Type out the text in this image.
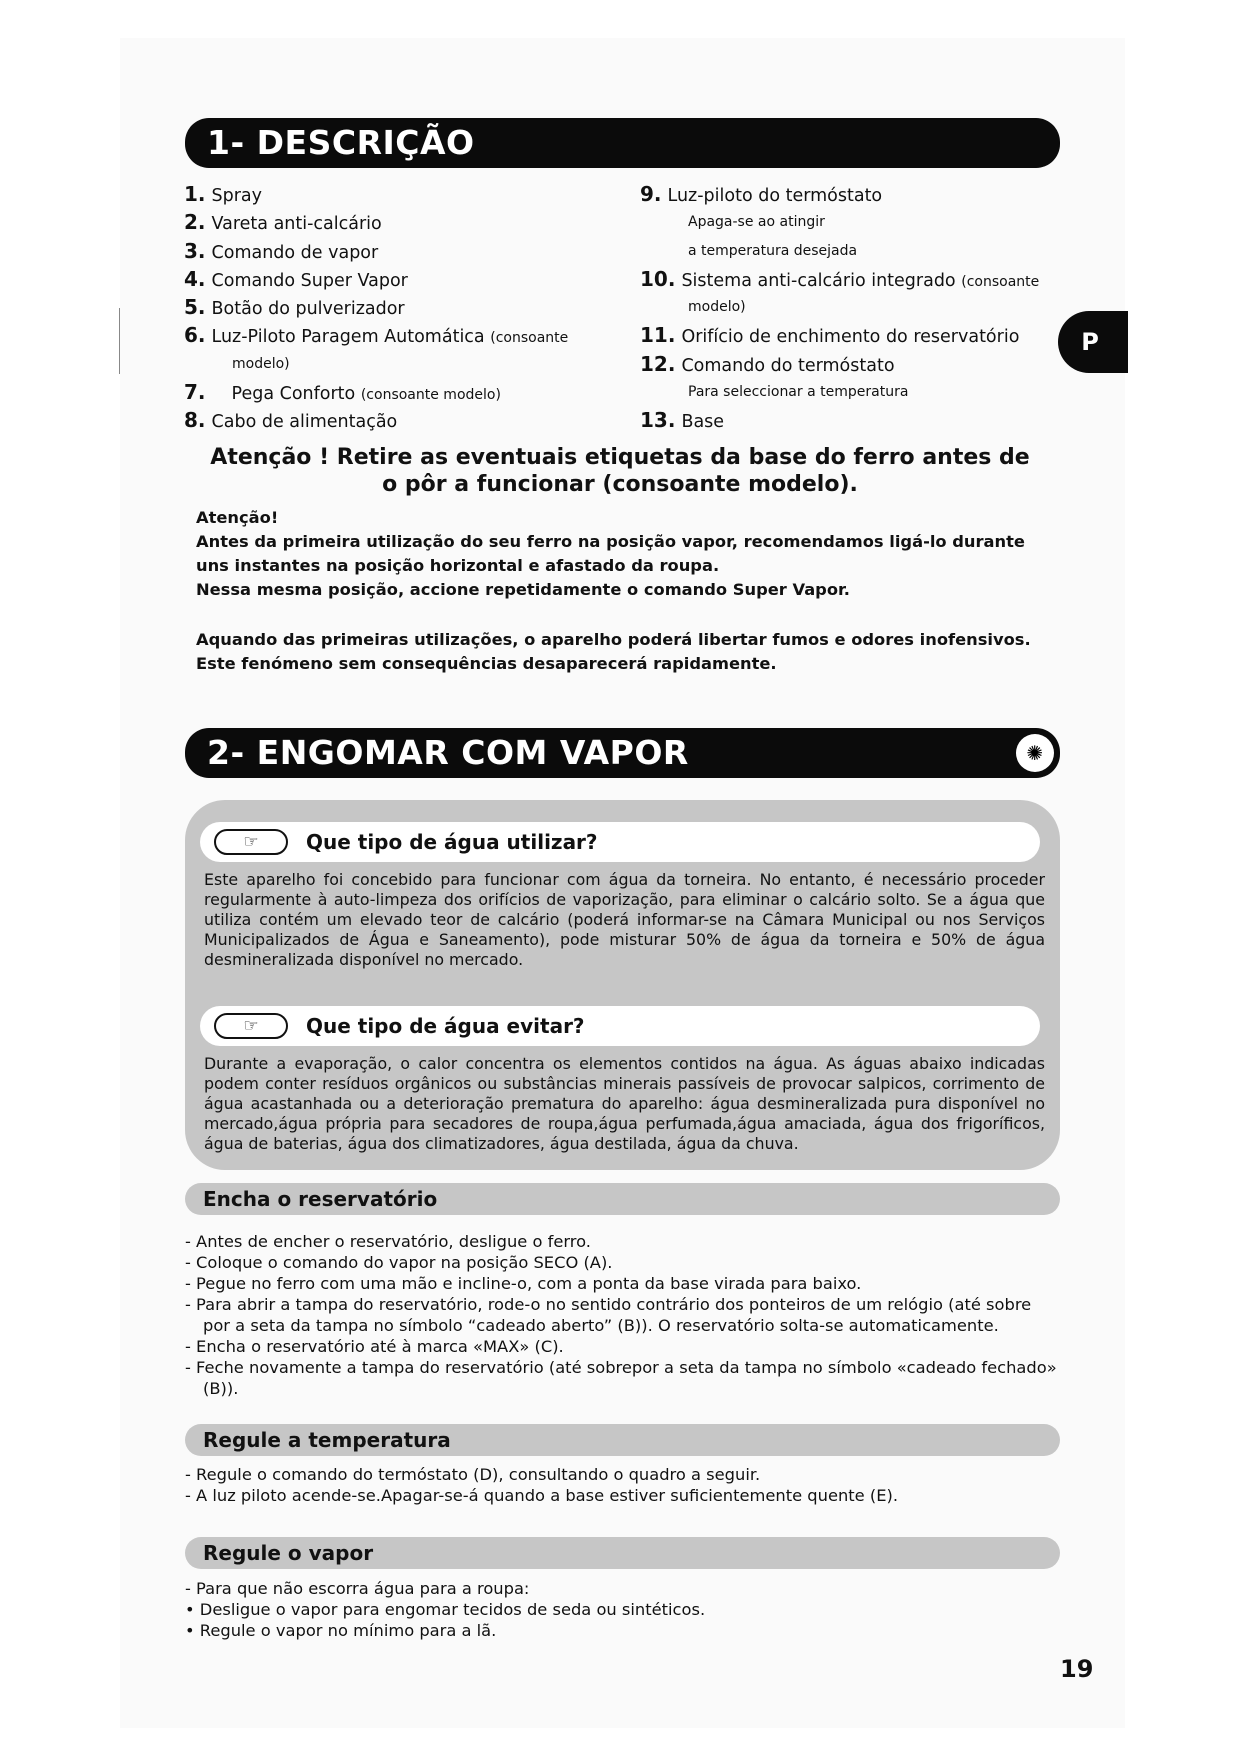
1- DESCRIÇÃO
P
1. Spray
2. Vareta anti-calcário
3. Comando de vapor
4. Comando Super Vapor
5. Botão do pulverizador
6. Luz-Piloto Paragem Automática (consoante
modelo)
7. Pega Conforto (consoante modelo)
8. Cabo de alimentação
9. Luz-piloto do termóstato
Apaga-se ao atingir
a temperatura desejada
10. Sistema anti-calcário integrado (consoante
modelo)
11. Orifício de enchimento do reservatório
12. Comando do termóstato
Para seleccionar a temperatura
13. Base
Atenção ! Retire as eventuais etiquetas da base do ferro antes de o pôr a funcionar (consoante modelo).

Atenção!

Antes da primeira utilização do seu ferro na posição vapor, recomendamos ligá-lo durante uns instantes na posição horizontal e afastado da roupa.

Nessa mesma posição, accione repetidamente o comando Super Vapor.

Aquando das primeiras utilizações, o aparelho poderá libertar fumos e odores inofensivos. Este fenómeno sem consequências desaparecerá rapidamente.

2- ENGOMAR COM VAPOR	✺
☞	Que tipo de água utilizar?
Este aparelho foi concebido para funcionar com água da torneira. No entanto, é necessário proceder regularmente à auto-limpeza dos orifícios de vaporização, para eliminar o calcário solto. Se a água que utiliza contém um elevado teor de calcário (poderá informar-se na Câmara Municipal ou nos Serviços Municipalizados de Água e Saneamento), pode misturar 50% de água da torneira e 50% de água desmineralizada disponível no mercado.
☞	Que tipo de água evitar?
Durante a evaporação, o calor concentra os elementos contidos na água. As águas abaixo indicadas podem conter resíduos orgânicos ou substâncias minerais passíveis de provocar salpicos, corrimento de água acastanhada ou a deterioração prematura do aparelho: água desmineralizada pura disponível no mercado,água própria para secadores de roupa,água perfumada,água amaciada, água dos frigoríficos, água de baterias, água dos climatizadores, água destilada, água da chuva.
Encha o reservatório
- Antes de encher o reservatório, desligue o ferro.
- Coloque o comando do vapor na posição SECO (A).
- Pegue no ferro com uma mão e incline-o, com a ponta da base virada para baixo.
- Para abrir a tampa do reservatório, rode-o no sentido contrário dos ponteiros de um relógio (até sobre por a seta da tampa no símbolo “cadeado aberto” (B)). O reservatório solta-se automaticamente.
- Encha o reservatório até à marca «MAX» (C).
- Feche novamente a tampa do reservatório (até sobrepor a seta da tampa no símbolo «cadeado fechado» (B)).
Regule a temperatura
- Regule o comando do termóstato (D), consultando o quadro a seguir.
- A luz piloto acende-se.Apagar-se-á quando a base estiver suficientemente quente (E).
Regule o vapor
- Para que não escorra água para a roupa:
• Desligue o vapor para engomar tecidos de seda ou sintéticos.
• Regule o vapor no mínimo para a lã.
19
